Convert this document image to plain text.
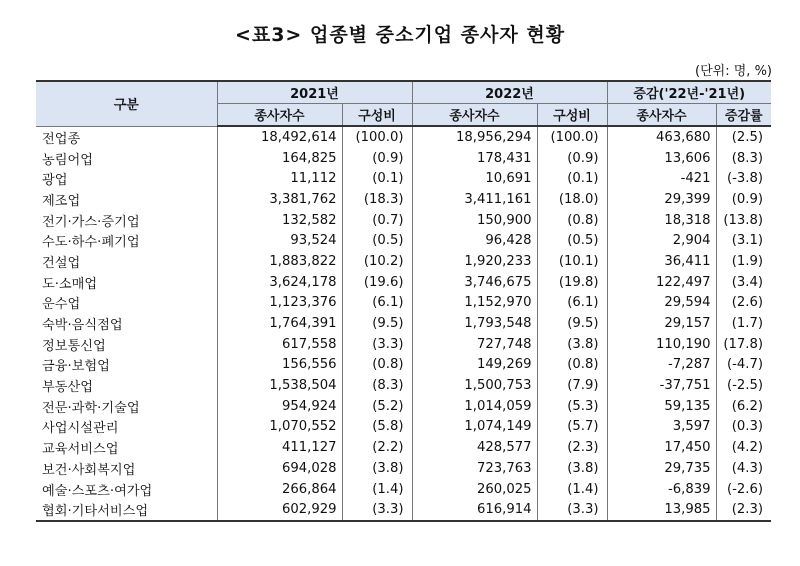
<표3> 업종별 중소기업 종사자 현황
(단위: 명, %)
구분	2021년		2022년		증감('22년-'21년)	
	종사자수	구성비	종사자수	구성비	종사자수	증감률
전업종	18,492,614	(100.0)	18,956,294	(100.0)	463,680	(2.5)
농림어업	164,825	(0.9)	178,431	(0.9)	13,606	(8.3)
광업	11,112	(0.1)	10,691	(0.1)	-421	(-3.8)
제조업	3,381,762	(18.3)	3,411,161	(18.0)	29,399	(0.9)
전기·가스·증기업	132,582	(0.7)	150,900	(0.8)	18,318	(13.8)
수도·하수·폐기업	93,524	(0.5)	96,428	(0.5)	2,904	(3.1)
건설업	1,883,822	(10.2)	1,920,233	(10.1)	36,411	(1.9)
도·소매업	3,624,178	(19.6)	3,746,675	(19.8)	122,497	(3.4)
운수업	1,123,376	(6.1)	1,152,970	(6.1)	29,594	(2.6)
숙박·음식점업	1,764,391	(9.5)	1,793,548	(9.5)	29,157	(1.7)
정보통신업	617,558	(3.3)	727,748	(3.8)	110,190	(17.8)
금융·보험업	156,556	(0.8)	149,269	(0.8)	-7,287	(-4.7)
부동산업	1,538,504	(8.3)	1,500,753	(7.9)	-37,751	(-2.5)
전문·과학·기술업	954,924	(5.2)	1,014,059	(5.3)	59,135	(6.2)
사업시설관리	1,070,552	(5.8)	1,074,149	(5.7)	3,597	(0.3)
교육서비스업	411,127	(2.2)	428,577	(2.3)	17,450	(4.2)
보건·사회복지업	694,028	(3.8)	723,763	(3.8)	29,735	(4.3)
예술·스포츠·여가업	266,864	(1.4)	260,025	(1.4)	-6,839	(-2.6)
협회·기타서비스업	602,929	(3.3)	616,914	(3.3)	13,985	(2.3)
